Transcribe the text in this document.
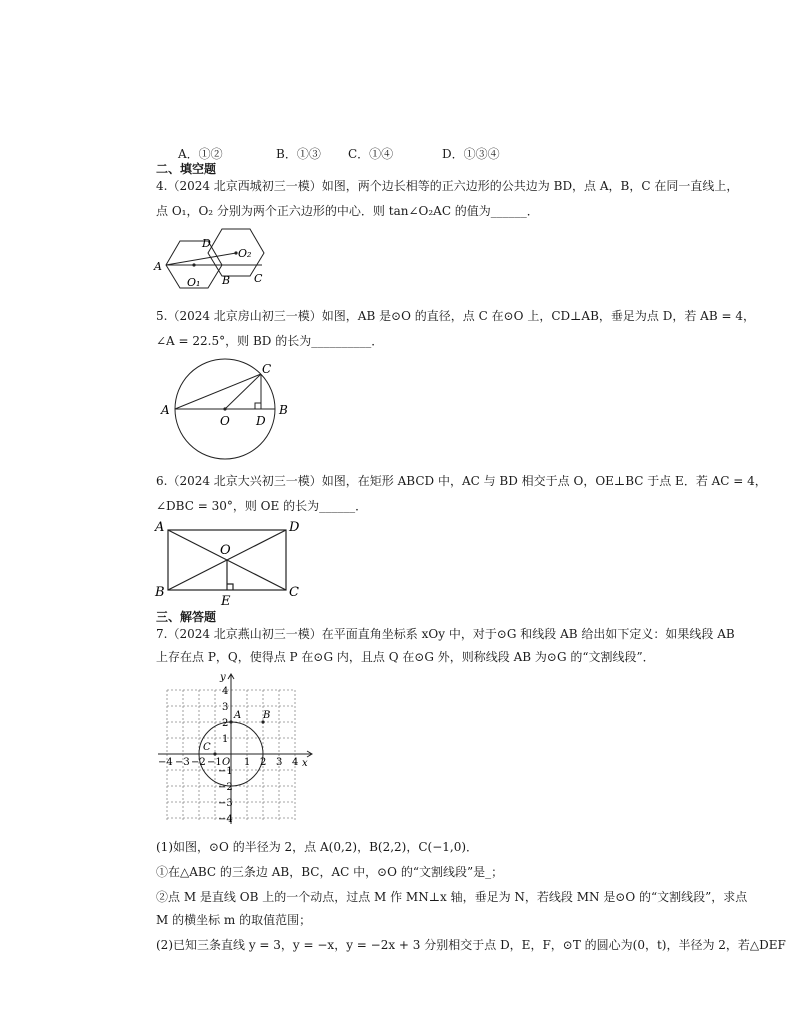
A．①②	B．①③ C．①④	D．①③④
二、填空题
4.（2024 北京西城初三一模）如图，两个边长相等的正六边形的公共边为 BD，点 A，B，C 在同一直线上，
点 O₁，O₂ 分别为两个正六边形的中心．则 tan∠O₂AC 的值为______．
A
D
B C
O₁
O₂
5.（2024 北京房山初三一模）如图，AB 是⊙O 的直径，点 C 在⊙O 上，CD⊥AB，垂足为点 D，若 AB = 4，
∠A = 22.5°，则 BD 的长为__________．
A	B
C
O D
6.（2024 北京大兴初三一模）如图，在矩形 ABCD 中，AC 与 BD 相交于点 O，OE⊥BC 于点 E．若 AC = 4，
∠DBC = 30°，则 OE 的长为______．
A	D
B	C
O
E
三、解答题
7.（2024 北京燕山初三一模）在平面直角坐标系 xOy 中，对于⊙G 和线段 AB 给出如下定义：如果线段 AB
上存在点 P，Q，使得点 P 在⊙G 内，且点 Q 在⊙G 外，则称线段 AB 为⊙G 的“文割线段”．
y
x
O
A B
C
−4 −3 −2 −1 1 2 3 4
4
3
2
1
−1
−2
−3
−4
(1)如图，⊙O 的半径为 2，点 A(0,2)，B(2,2)，C(−1,0)．
①在△ABC 的三条边 AB，BC，AC 中，⊙O 的“文割线段”是_；
②点 M 是直线 OB 上的一个动点，过点 M 作 MN⊥x 轴，垂足为 N，若线段 MN 是⊙O 的“文割线段”，求点
M 的横坐标 m 的取值范围；
(2)已知三条直线 y = 3，y = −x，y = −2x + 3 分别相交于点 D，E，F，⊙T 的圆心为(0，t)，半径为 2，若△DEF
